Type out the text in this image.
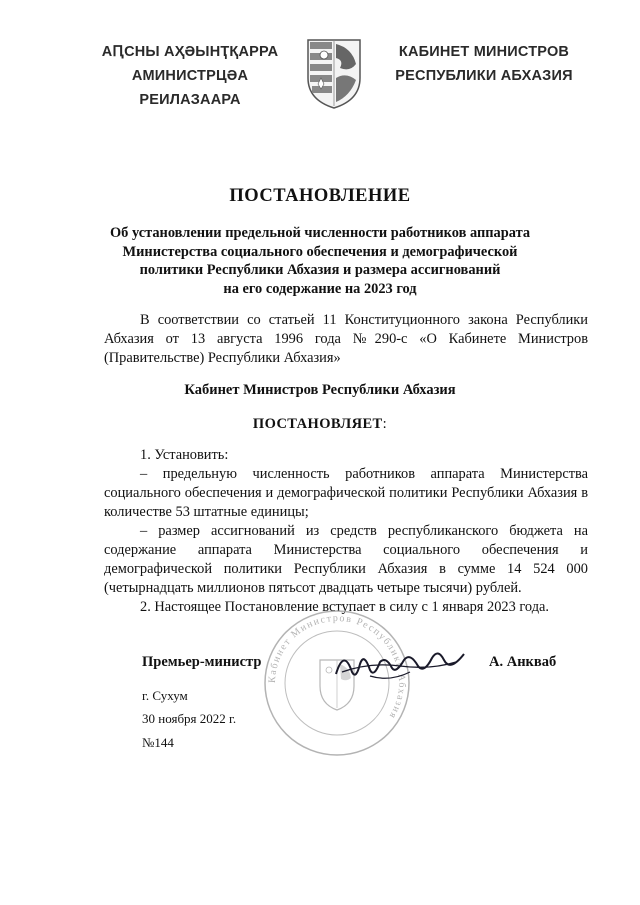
АԤСНЫ АҲӘЫНҬҚАРРА
АМИНИСТРЦӘА РЕИЛАЗААРА
КАБИНЕТ МИНИСТРОВ
РЕСПУБЛИКИ АБХАЗИЯ
ПОСТАНОВЛЕНИЕ
Об установлении предельной численности работников аппарата
Министерства социального обеспечения и демографической
политики Республики Абхазия и размера ассигнований
на его содержание на 2023 год
В соответствии со статьей 11 Конституционного закона Республики Абхазия от 13 августа 1996 года №290-с «О Кабинете Министров (Правительстве) Республики Абхазия»
Кабинет Министров Республики Абхазия
ПОСТАНОВЛЯЕТ:
1. Установить:
– предельную численность работников аппарата Министерства социального обеспечения и демографической политики Республики Абхазия в количестве 53 штатные единицы;
– размер ассигнований из средств республиканского бюджета на содержание аппарата Министерства социального обеспечения и демографической политики Республики Абхазия в сумме 14 524 000 (четырнадцать миллионов пятьсот двадцать четыре тысячи) рублей.
2. Настоящее Постановление вступает в силу с 1 января 2023 года.
Кабинет Министров Республики Абхазия
Премьер-министр	А. Анкваб
г. Сухум
30 ноября 2022 г.
№144
